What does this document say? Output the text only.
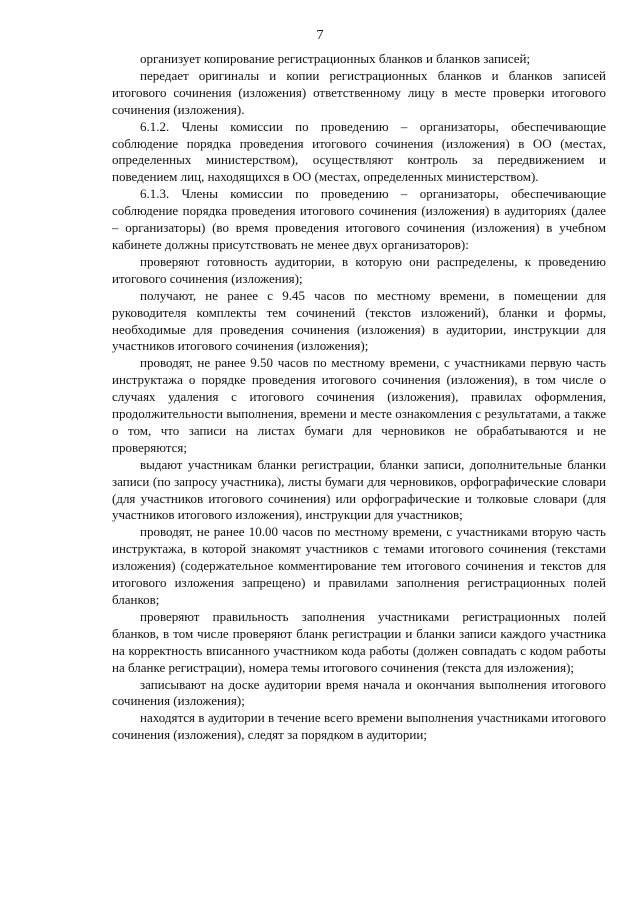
7

организует копирование регистрационных бланков и бланков записей;

передает оригиналы и копии регистрационных бланков и бланков записей итогового сочинения (изложения) ответственному лицу в месте проверки итогового сочинения (изложения).

6.1.2. Члены комиссии по проведению – организаторы, обеспечивающие соблюдение порядка проведения итогового сочинения (изложения) в ОО (местах, определенных министерством), осуществляют контроль за передвижением и поведением лиц, находящихся в ОО (местах, определенных министерством).

6.1.3. Члены комиссии по проведению – организаторы, обеспечивающие соблюдение порядка проведения итогового сочинения (изложения) в аудиториях (далее – организаторы) (во время проведения итогового сочинения (изложения) в учебном кабинете должны присутствовать не менее двух организаторов):

проверяют готовность аудитории, в которую они распределены, к проведению итогового сочинения (изложения);

получают, не ранее с 9.45 часов по местному времени, в помещении для руководителя комплекты тем сочинений (текстов изложений), бланки и формы, необходимые для проведения сочинения (изложения) в аудитории, инструкции для участников итогового сочинения (изложения);

проводят, не ранее 9.50 часов по местному времени, с участниками первую часть инструктажа о порядке проведения итогового сочинения (изложения), в том числе о случаях удаления с итогового сочинения (изложения), правилах оформления, продолжительности выполнения, времени и месте ознакомления с результатами, а также о том, что записи на листах бумаги для черновиков не обрабатываются и не проверяются;

выдают участникам бланки регистрации, бланки записи, дополнительные бланки записи (по запросу участника), листы бумаги для черновиков, орфографические словари (для участников итогового сочинения) или орфографические и толковые словари (для участников итогового изложения), инструкции для участников;

проводят, не ранее 10.00 часов по местному времени, с участниками вторую часть инструктажа, в которой знакомят участников с темами итогового сочинения (текстами изложения) (содержательное комментирование тем итогового сочинения и текстов для итогового изложения запрещено) и правилами заполнения регистрационных полей бланков;

проверяют правильность заполнения участниками регистрационных полей бланков, в том числе проверяют бланк регистрации и бланки записи каждого участника на корректность вписанного участником кода работы (должен совпадать с кодом работы на бланке регистрации), номера темы итогового сочинения (текста для изложения);

записывают на доске аудитории время начала и окончания выполнения итогового сочинения (изложения);

находятся в аудитории в течение всего времени выполнения участниками итогового сочинения (изложения), следят за порядком в аудитории;
